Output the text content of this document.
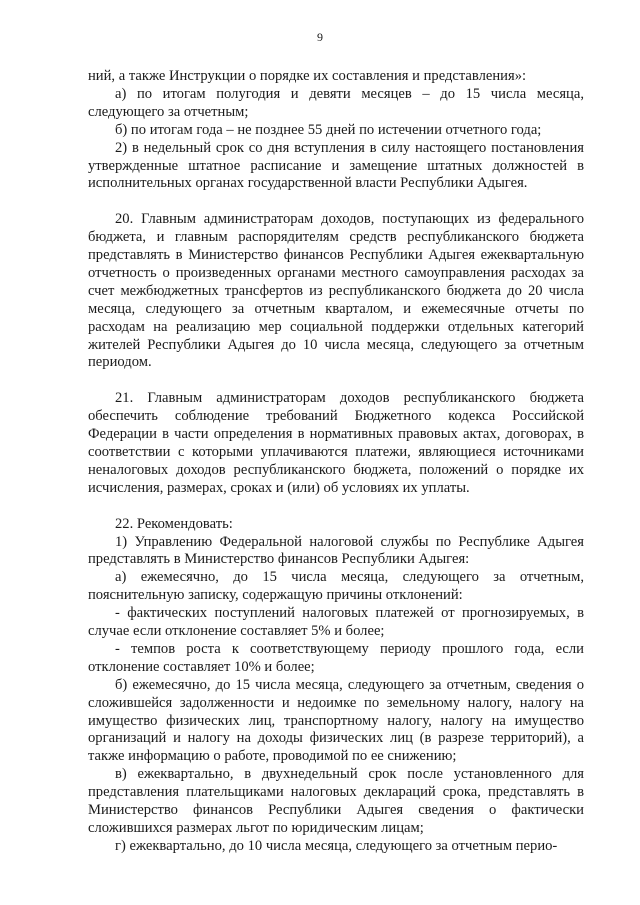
9

ний, а также Инструкции о порядке их составления и представления»:

а) по итогам полугодия и девяти месяцев – до 15 числа месяца, следующего за отчетным;

б) по итогам года – не позднее 55 дней по истечении отчетного года;

2) в недельный срок со дня вступления в силу настоящего постановления утвержденные штатное расписание и замещение штатных должностей в исполнительных органах государственной власти Республики Адыгея.

20. Главным администраторам доходов, поступающих из федерального бюджета, и главным распорядителям средств республиканского бюджета представлять в Министерство финансов Республики Адыгея ежеквартальную отчетность о произведенных органами местного самоуправления расходах за счет межбюджетных трансфертов из республиканского бюджета до 20 числа месяца, следующего за отчетным кварталом, и ежемесячные отчеты по расходам на реализацию мер социальной поддержки отдельных категорий жителей Республики Адыгея до 10 числа месяца, следующего за отчетным периодом.

21. Главным администраторам доходов республиканского бюджета обеспечить соблюдение требований Бюджетного кодекса Российской Федерации в части определения в нормативных правовых актах, договорах, в соответствии с которыми уплачиваются платежи, являющиеся источниками неналоговых доходов республиканского бюджета, положений о порядке их исчисления, размерах, сроках и (или) об условиях их уплаты.

22. Рекомендовать:

1) Управлению Федеральной налоговой службы по Республике Адыгея представлять в Министерство финансов Республики Адыгея:

а) ежемесячно, до 15 числа месяца, следующего за отчетным, пояснительную записку, содержащую причины отклонений:

- фактических поступлений налоговых платежей от прогнозируемых, в случае если отклонение составляет 5% и более;

- темпов роста к соответствующему периоду прошлого года, если отклонение составляет 10% и более;

б) ежемесячно, до 15 числа месяца, следующего за отчетным, сведения о сложившейся задолженности и недоимке по земельному налогу, налогу на имущество физических лиц, транспортному налогу, налогу на имущество организаций и налогу на доходы физических лиц (в разрезе территорий), а также информацию о работе, проводимой по ее снижению;

в) ежеквартально, в двухнедельный срок после установленного для представления плательщиками налоговых деклараций срока, представлять в Министерство финансов Республики Адыгея сведения о фактически сложившихся размерах льгот по юридическим лицам;

г) ежеквартально, до 10 числа месяца, следующего за отчетным перио-
